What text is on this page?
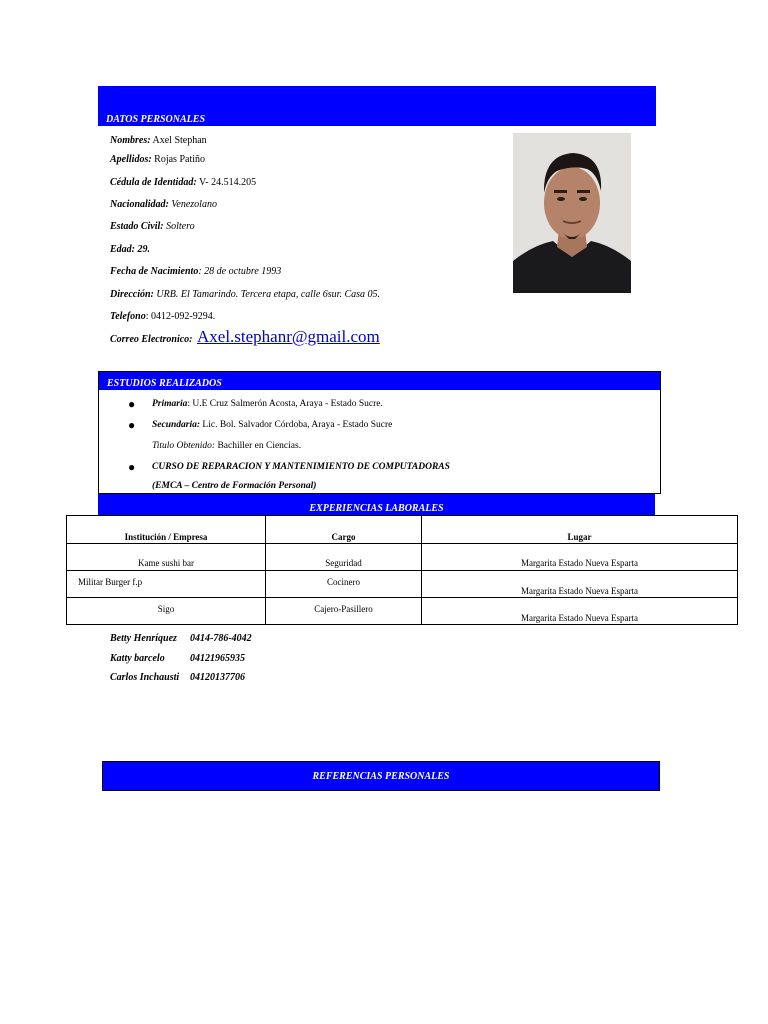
DATOS PERSONALES
Nombres: Axel Stephan
Apellidos: Rojas Patiño
Cédula de Identidad: V- 24.514.205
Nacionalidad: Venezolano
Estado Civil: Soltero
Edad: 29.
Fecha de Nacimiento: 28 de octubre 1993
Dirección: URB. El Tamarindo. Tercera etapa, calle 6sur. Casa 05.
Telefono: 0412-092-9294.
Correo Electronico: Axel.stephanr@gmail.com
ESTUDIOS REALIZADOS
● Primaria: U.E Cruz Salmerón Acosta, Araya - Estado Sucre.
● Secundaria: Lic. Bol. Salvador Córdoba, Araya - Estado Sucre
Titulo Obtenido: Bachiller en Ciencias.
● CURSO DE REPARACION Y MANTENIMIENTO DE COMPUTADORAS
(EMCA – Centro de Formación Personal)
EXPERIENCIAS LABORALES
Institución / Empresa	Cargo	Lugar
Kame sushi bar	Seguridad	Margarita Estado Nueva Esparta
Militar Burger f.p	Cocinero	Margarita Estado Nueva Esparta
Sigo	Cajero-Pasillero	Margarita Estado Nueva Esparta
Betty Henríquez 0414-786-4042
Katty barcelo	04121965935
Carlos Inchausti 04120137706
REFERENCIAS PERSONALES
